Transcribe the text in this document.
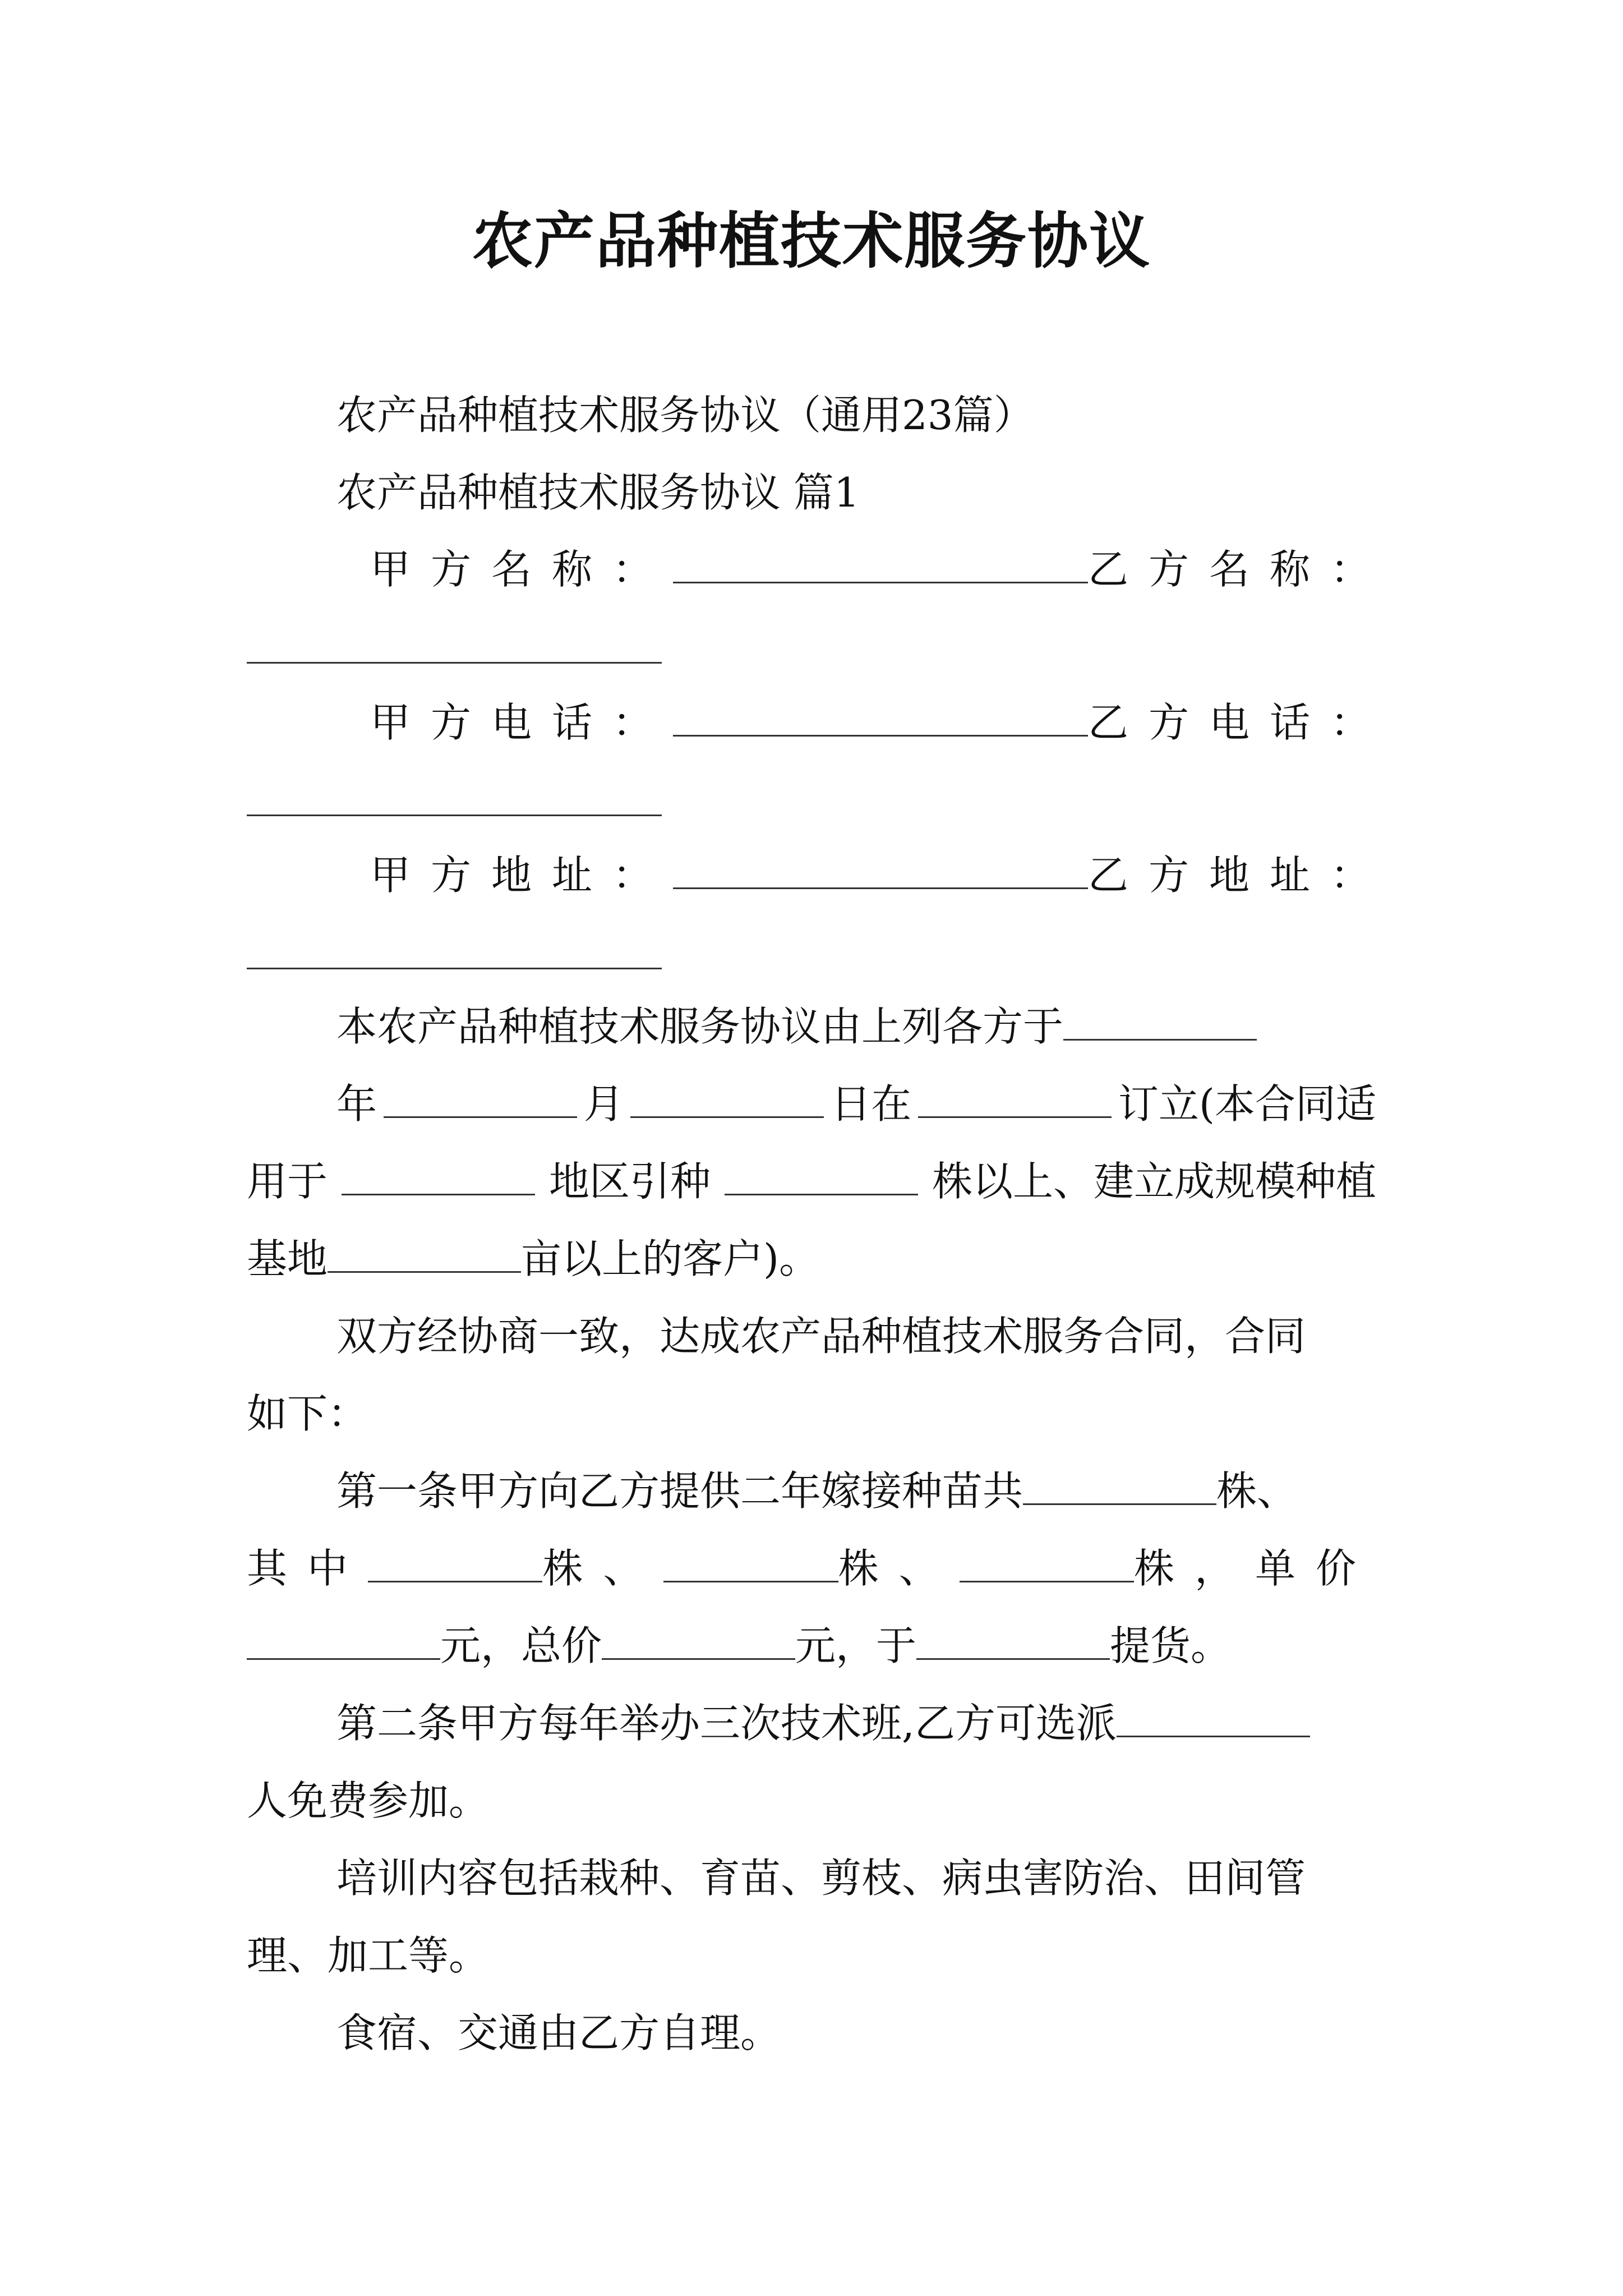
农产品种植技术服务协议
农产品种植技术服务协议（通用23篇）
农产品种植技术服务协议 篇1
甲方名称：	乙方名称：
甲方电话：	乙方电话：
甲方地址：	乙方地址：
本农产品种植技术服务协议由上列各方于
年	月	日在	订立(本合同适
用于	地区引种	株以上、建立成规模种植
基地	亩以上的客户)。
双方经协商一致，达成农产品种植技术服务合同，合同
如下：
第一条甲方向乙方提供二年嫁接种苗共	株、
其中	株、	株、	株， 单价
元，总价	元，于	提货。
第二条甲方每年举办三次技术班,乙方可选派
人免费参加。
培训内容包括栽种、育苗、剪枝、病虫害防治、田间管
理、加工等。
食宿、交通由乙方自理。
